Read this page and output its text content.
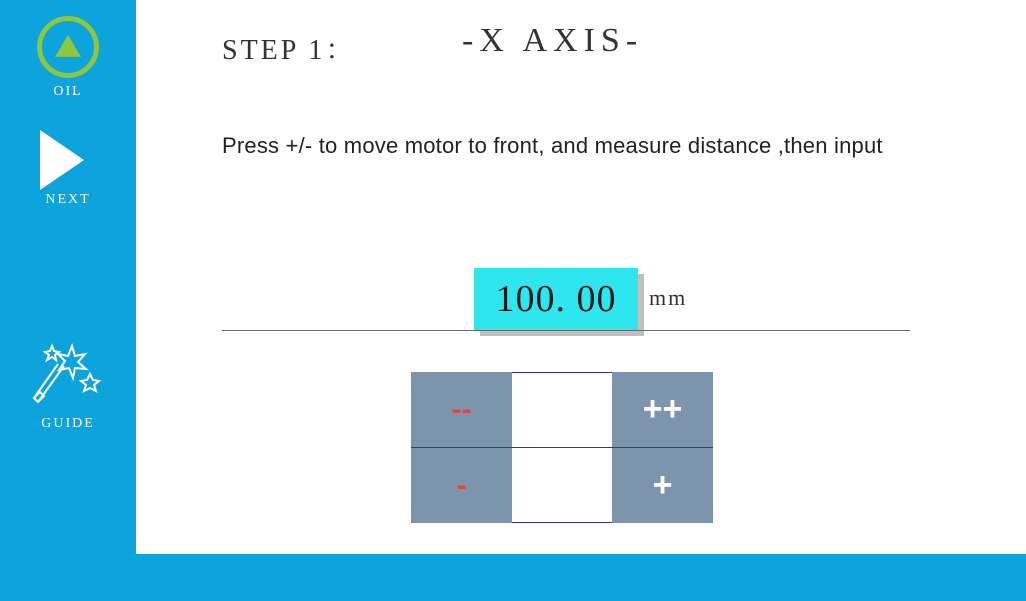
OIL
NEXT
GUIDE
STEP 1：	-X AXIS-
Press +/- to move motor to front, and measure distance ,then input
100. 00 mm
--	++
-	+
